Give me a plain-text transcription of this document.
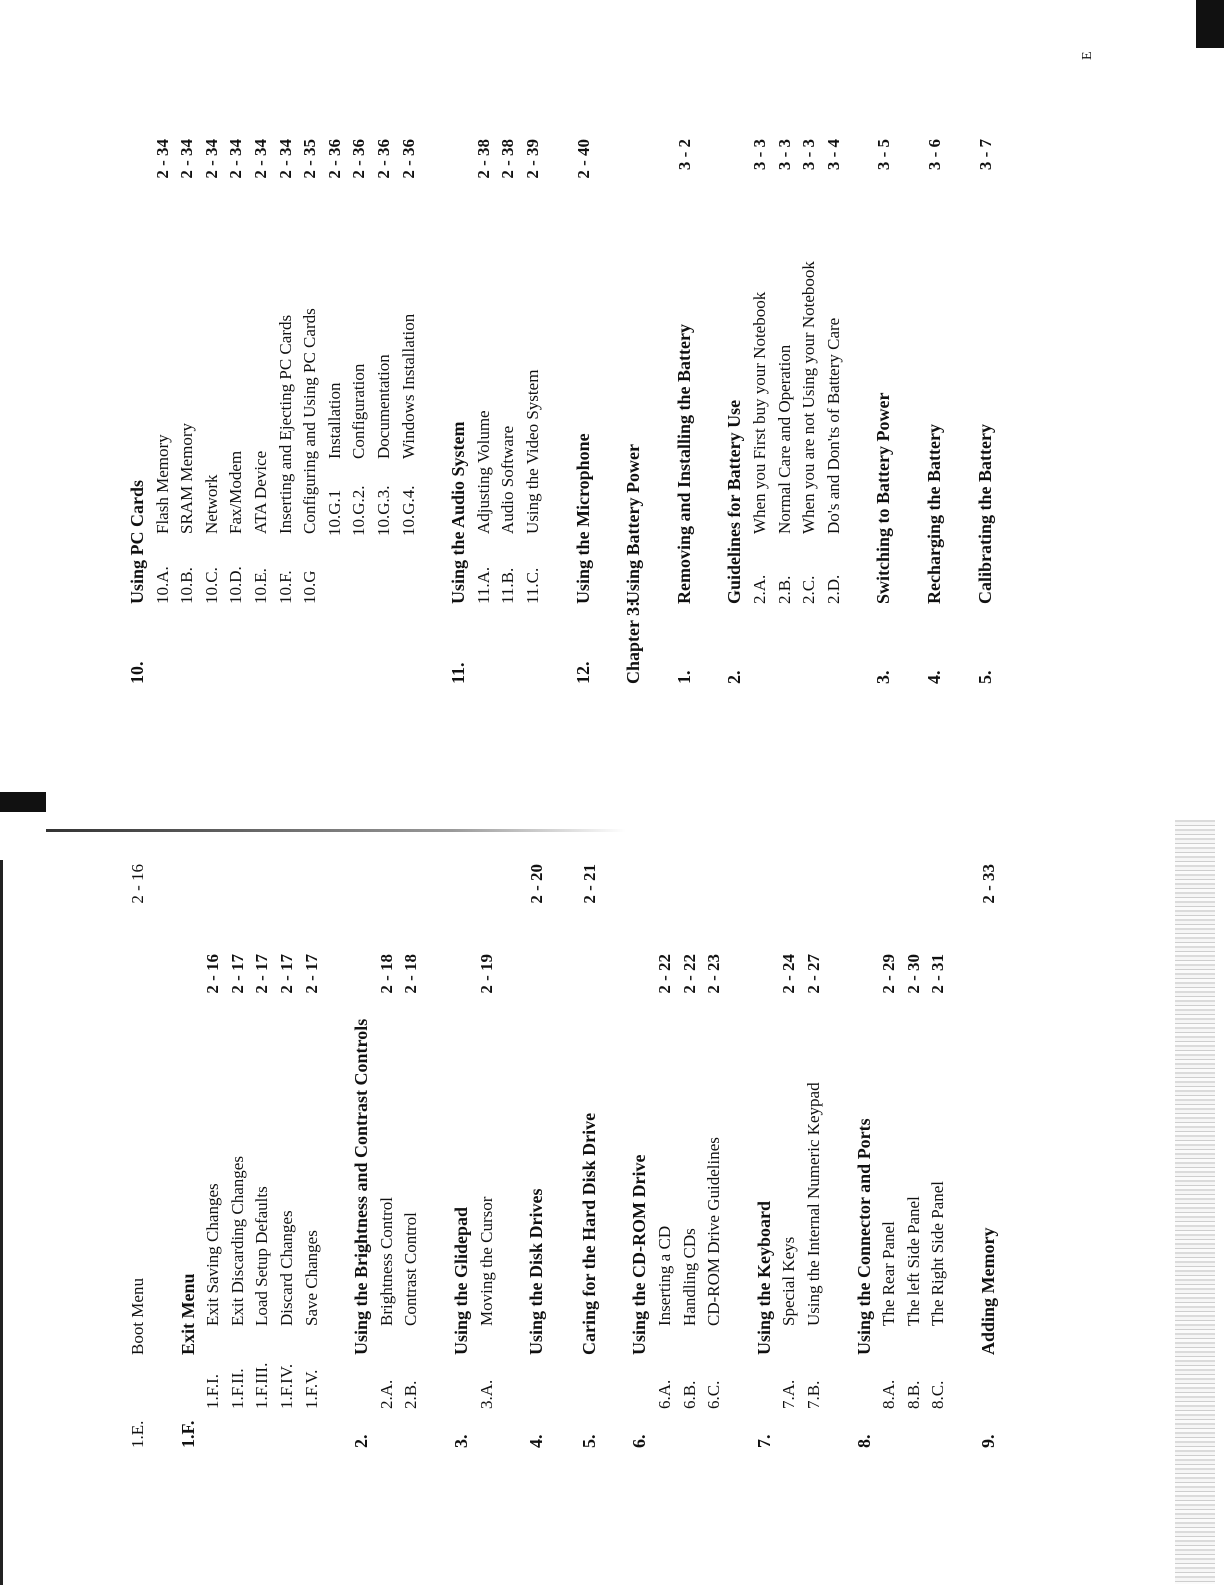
E
1.E.
Boot Menu
2 - 16
1.F.
Exit Menu
1.F.I.
Exit Saving Changes
2 - 16
1.F.II.
Exit Discarding Changes
2 - 17
1.F.III.
Load Setup Defaults
2 - 17
1.F.IV.
Discard Changes
2 - 17
1.F.V.
Save Changes
2 - 17
2.
Using the Brightness and Contrast Controls
2.A.
Brightness Control
2 - 18
2.B.
Contrast Control
2 - 18
3.
Using the Glidepad
3.A.
Moving the Cursor
2 - 19
4.
Using the Disk Drives
2 - 20
5.
Caring for the Hard Disk Drive
2 - 21
6.
Using the CD-ROM Drive
6.A.
Inserting a CD
2 - 22
6.B.
Handling CDs
2 - 22
6.C.
CD-ROM Drive Guidelines
2 - 23
7.
Using the Keyboard
7.A.
Special Keys
2 - 24
7.B.
Using the Internal Numeric Keypad
2 - 27
8.
Using the Connector and Ports
8.A.
The Rear Panel
2 - 29
8.B.
The left Side Panel
2 - 30
8.C.
The Right Side Panel
2 - 31
9.
Adding Memory
2 - 33
10.
Using PC Cards 10.A.
Flash Memory
2 - 34
10.B.
SRAM Memory
2 - 34
10.C.
Network
2 - 34
10.D.
Fax/Modem
2 - 34
10.E.
ATA Device
2 - 34
10.F.
Inserting and Ejecting PC Cards
2 - 34
10.G
Configuring and Using PC Cards
2 - 35
10.G.1
Installation
2 - 36
10.G.2.
Configuration
2 - 36
10.G.3.
Documentation
2 - 36
10.G.4.
Windows Installation
2 - 36
11.
Using the Audio System 11.A.
Adjusting Volume
2 - 38
11.B.
Audio Software
2 - 38
11.C.
Using the Video System
2 - 39
12.
Using the Microphone
2 - 40
Chapter 3:
Using Battery Power
1.
Removing and Installing the Battery
3 - 2
2.
Guidelines for Battery Use 2.A.
When you First buy your Notebook
3 - 3
2.B.
Normal Care and Operation
3 - 3
2.C.
When you are not Using your Notebook
3 - 3
2.D.
Do's and Don'ts of Battery Care
3 - 4
3.
Switching to Battery Power
3 - 5
4.
Recharging the Battery
3 - 6
5.
Calibrating the Battery
3 - 7
